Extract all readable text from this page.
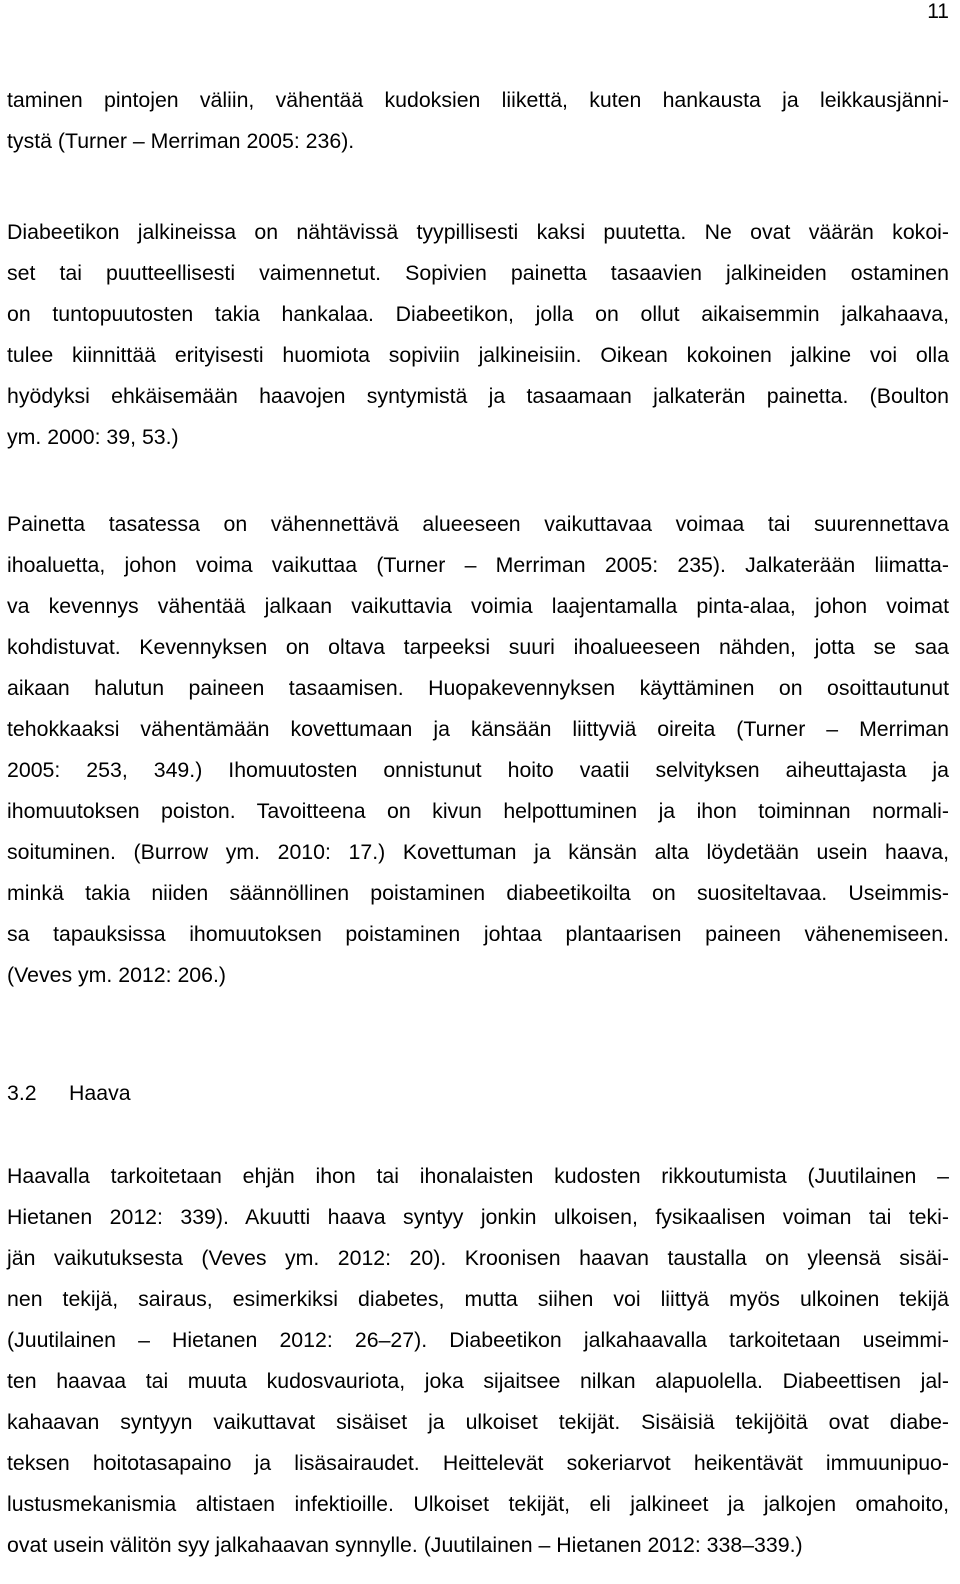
11
taminen pintojen väliin, vähentää kudoksien liikettä, kuten hankausta ja leikkausjänni-
tystä (Turner – Merriman 2005: 236).
Diabeetikon jalkineissa on nähtävissä tyypillisesti kaksi puutetta. Ne ovat väärän kokoi-
set tai puutteellisesti vaimennetut. Sopivien painetta tasaavien jalkineiden ostaminen
on tuntopuutosten takia hankalaa. Diabeetikon, jolla on ollut aikaisemmin jalkahaava,
tulee kiinnittää erityisesti huomiota sopiviin jalkineisiin. Oikean kokoinen jalkine voi olla
hyödyksi ehkäisemään haavojen syntymistä ja tasaamaan jalkaterän painetta. (Boulton
ym. 2000: 39, 53.)
Painetta tasatessa on vähennettävä alueeseen vaikuttavaa voimaa tai suurennettava
ihoaluetta, johon voima vaikuttaa (Turner – Merriman 2005: 235). Jalkaterään liimatta-
va kevennys vähentää jalkaan vaikuttavia voimia laajentamalla pinta-alaa, johon voimat
kohdistuvat. Kevennyksen on oltava tarpeeksi suuri ihoalueeseen nähden, jotta se saa
aikaan halutun paineen tasaamisen. Huopakevennyksen käyttäminen on osoittautunut
tehokkaaksi vähentämään kovettumaan ja känsään liittyviä oireita (Turner – Merriman
2005: 253, 349.) Ihomuutosten onnistunut hoito vaatii selvityksen aiheuttajasta ja
ihomuutoksen poiston. Tavoitteena on kivun helpottuminen ja ihon toiminnan normali-
soituminen. (Burrow ym. 2010: 17.) Kovettuman ja känsän alta löydetään usein haava,
minkä takia niiden säännöllinen poistaminen diabeetikoilta on suositeltavaa. Useimmis-
sa tapauksissa ihomuutoksen poistaminen johtaa plantaarisen paineen vähenemiseen.
(Veves ym. 2012: 206.)
3.2 Haava
Haavalla tarkoitetaan ehjän ihon tai ihonalaisten kudosten rikkoutumista (Juutilainen –
Hietanen 2012: 339). Akuutti haava syntyy jonkin ulkoisen, fysikaalisen voiman tai teki-
jän vaikutuksesta (Veves ym. 2012: 20). Kroonisen haavan taustalla on yleensä sisäi-
nen tekijä, sairaus, esimerkiksi diabetes, mutta siihen voi liittyä myös ulkoinen tekijä
(Juutilainen – Hietanen 2012: 26–27). Diabeetikon jalkahaavalla tarkoitetaan useimmi-
ten haavaa tai muuta kudosvauriota, joka sijaitsee nilkan alapuolella. Diabeettisen jal-
kahaavan syntyyn vaikuttavat sisäiset ja ulkoiset tekijät. Sisäisiä tekijöitä ovat diabe-
teksen hoitotasapaino ja lisäsairaudet. Heittelevät sokeriarvot heikentävät immuunipuo-
lustusmekanismia altistaen infektioille. Ulkoiset tekijät, eli jalkineet ja jalkojen omahoito,
ovat usein välitön syy jalkahaavan synnylle. (Juutilainen – Hietanen 2012: 338–339.)
